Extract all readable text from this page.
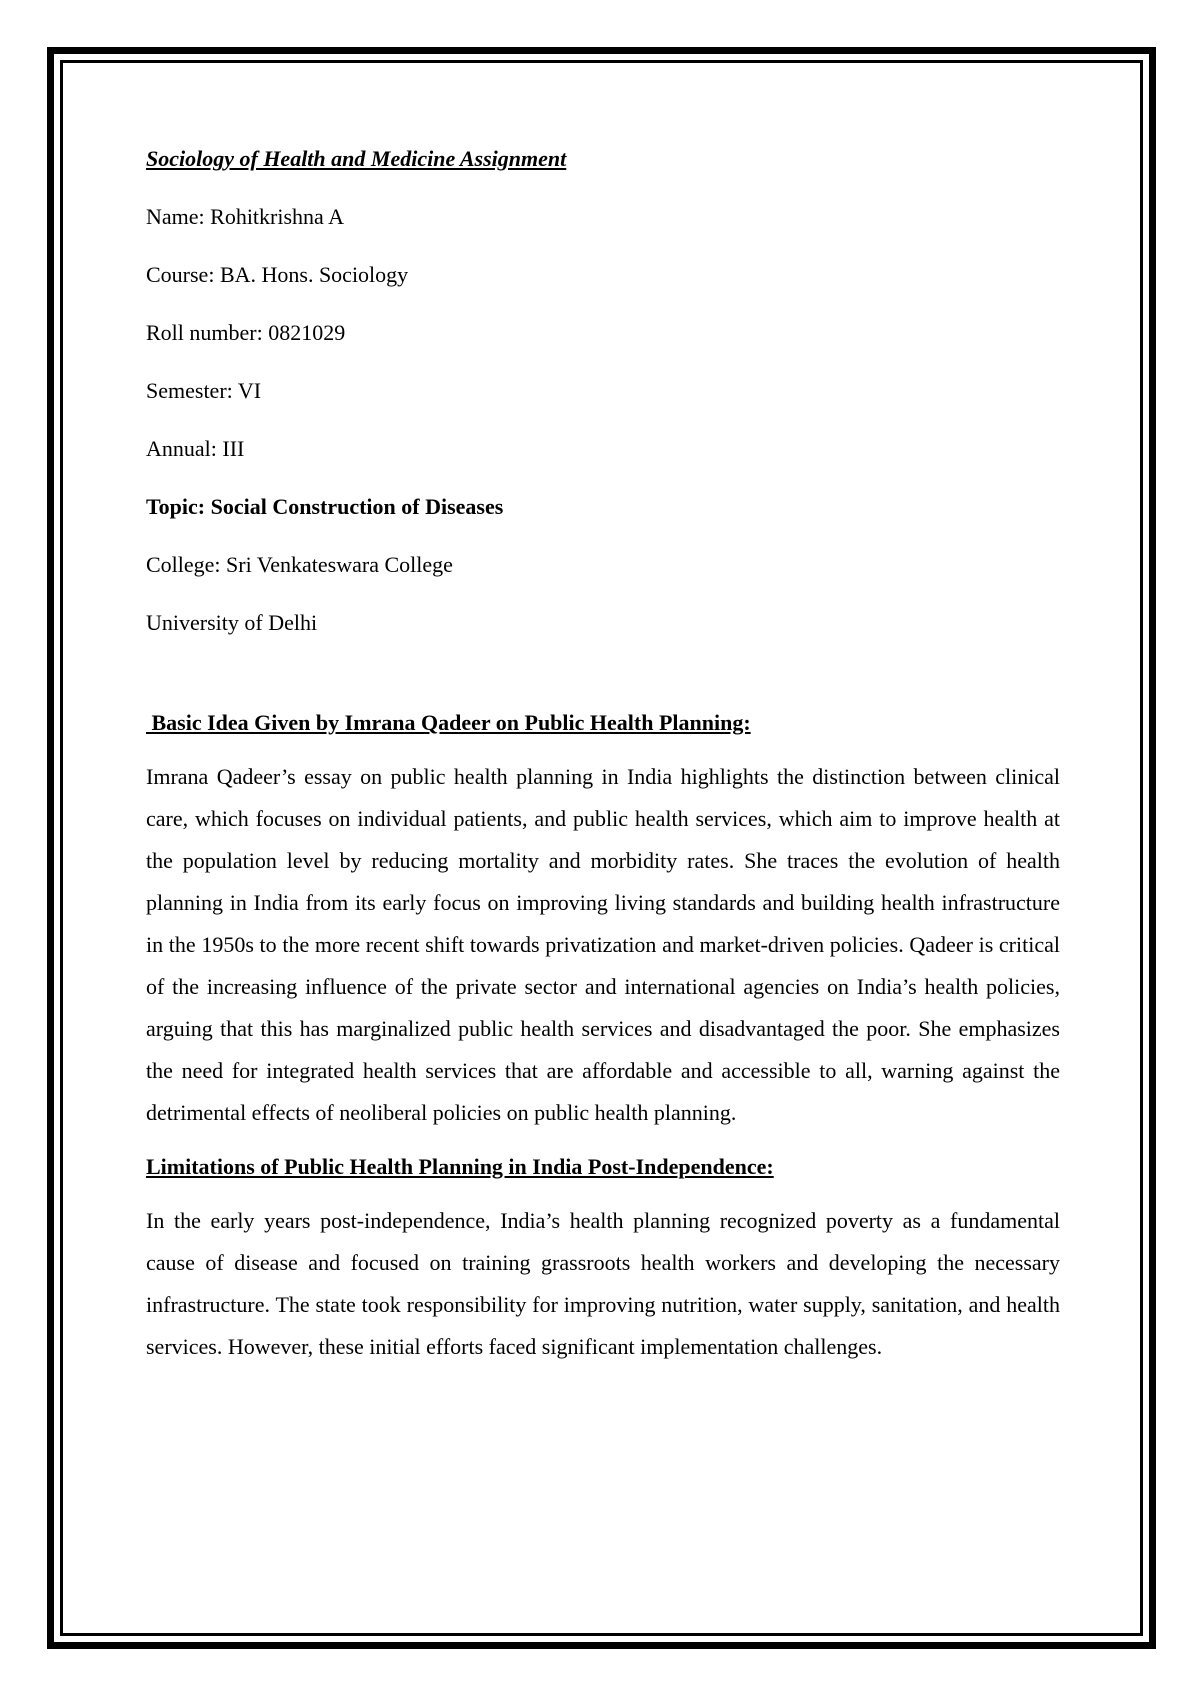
Sociology of Health and Medicine Assignment

Name: Rohitkrishna A

Course: BA. Hons. Sociology

Roll number: 0821029

Semester: VI

Annual: III

Topic: Social Construction of Diseases

College: Sri Venkateswara College

University of Delhi

Basic Idea Given by Imrana Qadeer on Public Health Planning:

Imrana Qadeer’s essay on public health planning in India highlights the distinction between clinical care, which focuses on individual patients, and public health services, which aim to improve health at the population level by reducing mortality and morbidity rates. She traces the evolution of health planning in India from its early focus on improving living standards and building health infrastructure in the 1950s to the more recent shift towards privatization and market-driven policies. Qadeer is critical of the increasing influence of the private sector and international agencies on India’s health policies, arguing that this has marginalized public health services and disadvantaged the poor. She emphasizes the need for integrated health services that are affordable and accessible to all, warning against the detrimental effects of neoliberal policies on public health planning.

Limitations of Public Health Planning in India Post-Independence:

In the early years post-independence, India’s health planning recognized poverty as a fundamental cause of disease and focused on training grassroots health workers and developing the necessary infrastructure. The state took responsibility for improving nutrition, water supply, sanitation, and health services. However, these initial efforts faced significant implementation challenges.
